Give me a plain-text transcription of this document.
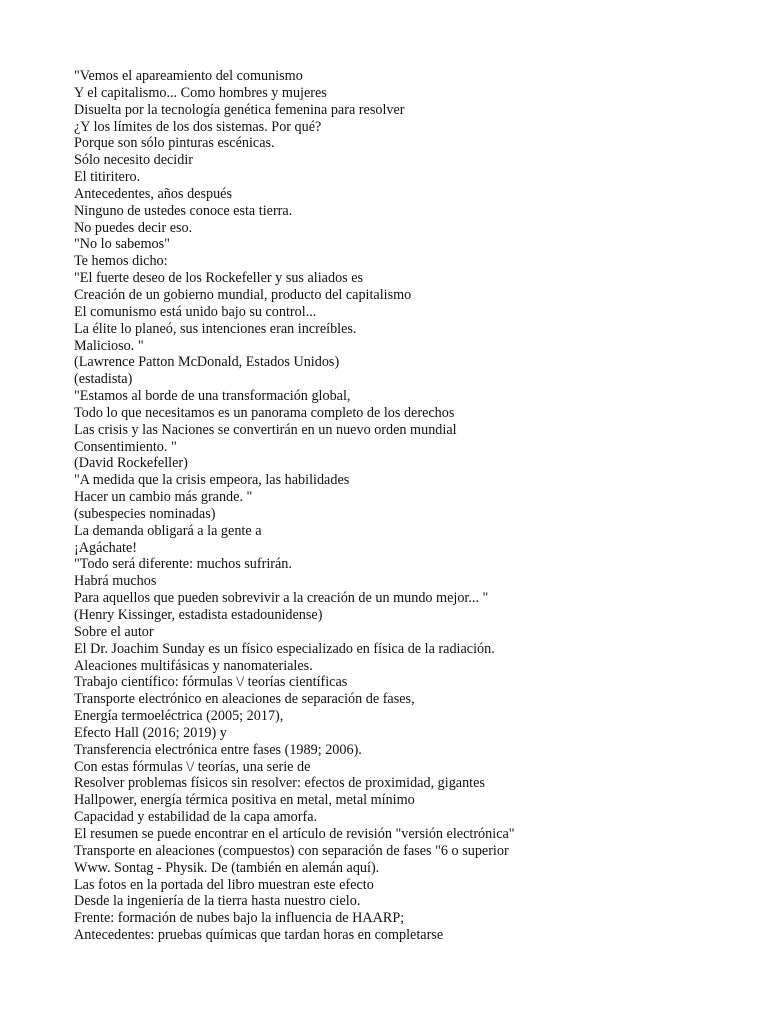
"Vemos el apareamiento del comunismo
Y el capitalismo... Como hombres y mujeres
Disuelta por la tecnología genética femenina para resolver
¿Y los límites de los dos sistemas. Por qué?
Porque son sólo pinturas escénicas.
Sólo necesito decidir
El titiritero.
Antecedentes, años después
Ninguno de ustedes conoce esta tierra.
No puedes decir eso.
"No lo sabemos"
Te hemos dicho:
"El fuerte deseo de los Rockefeller y sus aliados es
Creación de un gobierno mundial, producto del capitalismo
El comunismo está unido bajo su control...
La élite lo planeó, sus intenciones eran increíbles.
Malicioso. "
(Lawrence Patton McDonald, Estados Unidos)
(estadista)
"Estamos al borde de una transformación global,
Todo lo que necesitamos es un panorama completo de los derechos
Las crisis y las Naciones se convertirán en un nuevo orden mundial
Consentimiento. "
(David Rockefeller)
"A medida que la crisis empeora, las habilidades
Hacer un cambio más grande. "
(subespecies nominadas)
La demanda obligará a la gente a
¡Agáchate!
"Todo será diferente: muchos sufrirán.
Habrá muchos
Para aquellos que pueden sobrevivir a la creación de un mundo mejor... "
(Henry Kissinger, estadista estadounidense)
Sobre el autor
El Dr. Joachim Sunday es un físico especializado en física de la radiación.
Aleaciones multifásicas y nanomateriales.
Trabajo científico: fórmulas \/ teorías científicas
Transporte electrónico en aleaciones de separación de fases,
Energía termoeléctrica (2005; 2017),
Efecto Hall (2016; 2019) y
Transferencia electrónica entre fases (1989; 2006).
Con estas fórmulas \/ teorías, una serie de
Resolver problemas físicos sin resolver: efectos de proximidad, gigantes
Hallpower, energía térmica positiva en metal, metal mínimo
Capacidad y estabilidad de la capa amorfa.
El resumen se puede encontrar en el artículo de revisión "versión electrónica"
Transporte en aleaciones (compuestos) con separación de fases "6 o superior
Www. Sontag - Physik. De (también en alemán aquí).
Las fotos en la portada del libro muestran este efecto
Desde la ingeniería de la tierra hasta nuestro cielo.
Frente: formación de nubes bajo la influencia de HAARP;
Antecedentes: pruebas químicas que tardan horas en completarse
